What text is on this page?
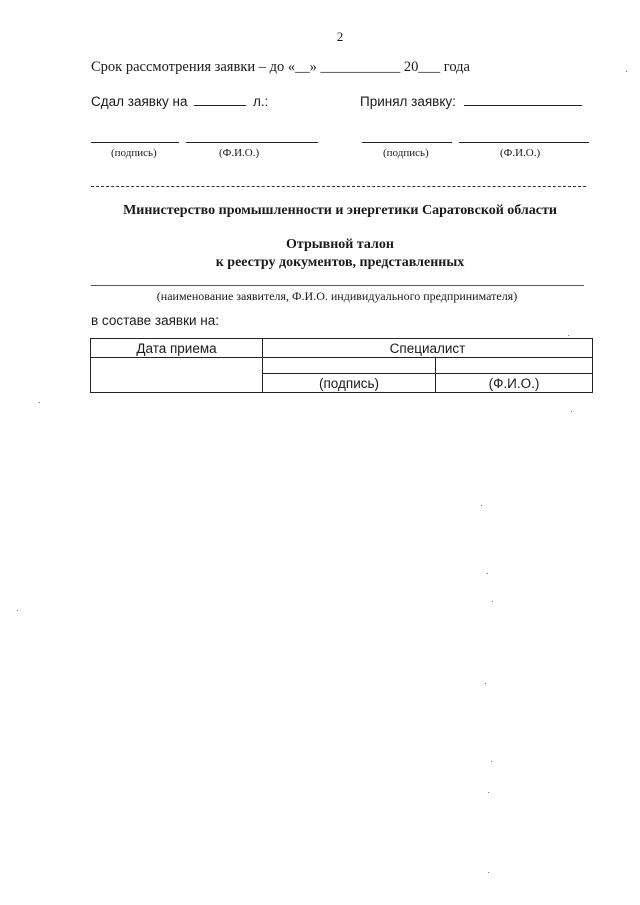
2
Срок рассмотрения заявки – до «__» ___________ 20___ года
Сдал заявку на	л.:	Принял заявку:
(подпись)	(Ф.И.О.)	(подпись)	(Ф.И.О.)
Министерство промышленности и энергетики Саратовской области
Отрывной талон
к реестру документов, представленных
(наименование заявителя, Ф.И.О. индивидуального предпринимателя)
в составе заявки на:
Дата приема	Специалист	

	(подпись)	(Ф.И.О.)
